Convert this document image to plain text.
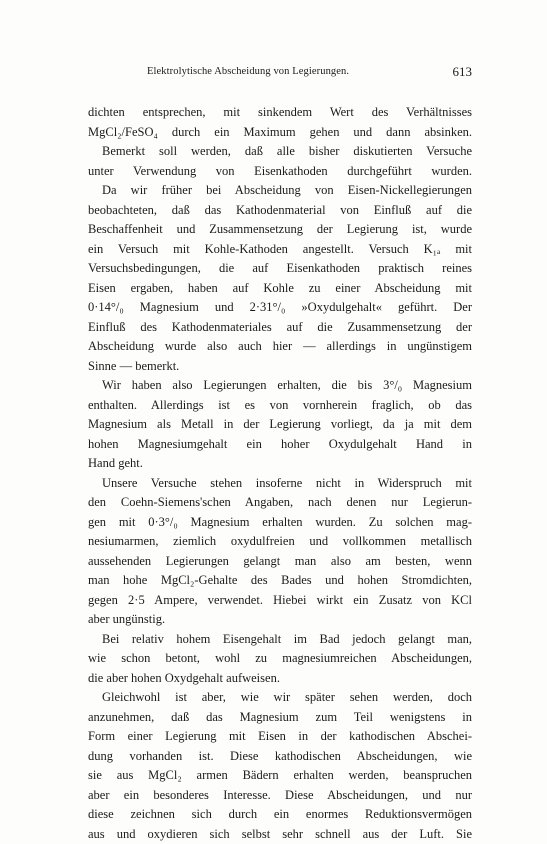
Elektrolytische Abscheidung von Legierungen.	613
dichten entsprechen, mit sinkendem Wert des Verhältnisses
MgCl₂/FeSO₄ durch ein Maximum gehen und dann absinken.
Bemerkt soll werden, daß alle bisher diskutierten Versuche
unter Verwendung von Eisenkathoden durchgeführt wurden.
Da wir früher bei Abscheidung von Eisen-Nickellegierungen
beobachteten, daß das Kathodenmaterial von Einfluß auf die
Beschaffenheit und Zusammensetzung der Legierung ist, wurde
ein Versuch mit Kohle-Kathoden angestellt. Versuch K₁ₐ mit
Versuchsbedingungen, die auf Eisenkathoden praktisch reines
Eisen ergaben, haben auf Kohle zu einer Abscheidung mit
0·14°/₀ Magnesium und 2·31°/₀ »Oxydulgehalt« geführt. Der
Einfluß des Kathodenmateriales auf die Zusammensetzung der
Abscheidung wurde also auch hier — allerdings in ungünstigem
Sinne — bemerkt.
Wir haben also Legierungen erhalten, die bis 3°/₀ Magnesium
enthalten. Allerdings ist es von vornherein fraglich, ob das
Magnesium als Metall in der Legierung vorliegt, da ja mit dem
hohen Magnesiumgehalt ein hoher Oxydulgehalt Hand in
Hand geht.
Unsere Versuche stehen insoferne nicht in Widerspruch mit
den Coehn-Siemens'schen Angaben, nach denen nur Legierun-
gen mit 0·3°/₀ Magnesium erhalten wurden. Zu solchen mag-
nesiumarmen, ziemlich oxydulfreien und vollkommen metallisch
aussehenden Legierungen gelangt man also am besten, wenn
man hohe MgCl₂-Gehalte des Bades und hohen Stromdichten,
gegen 2·5 Ampere, verwendet. Hiebei wirkt ein Zusatz von KCl
aber ungünstig.
Bei relativ hohem Eisengehalt im Bad jedoch gelangt man,
wie schon betont, wohl zu magnesiumreichen Abscheidungen,
die aber hohen Oxydgehalt aufweisen.
Gleichwohl ist aber, wie wir später sehen werden, doch
anzunehmen, daß das Magnesium zum Teil wenigstens in
Form einer Legierung mit Eisen in der kathodischen Abschei-
dung vorhanden ist. Diese kathodischen Abscheidungen, wie
sie aus MgCl₂ armen Bädern erhalten werden, beanspruchen
aber ein besonderes Interesse. Diese Abscheidungen, und nur
diese zeichnen sich durch ein enormes Reduktionsvermögen
aus und oxydieren sich selbst sehr schnell aus der Luft. Sie
